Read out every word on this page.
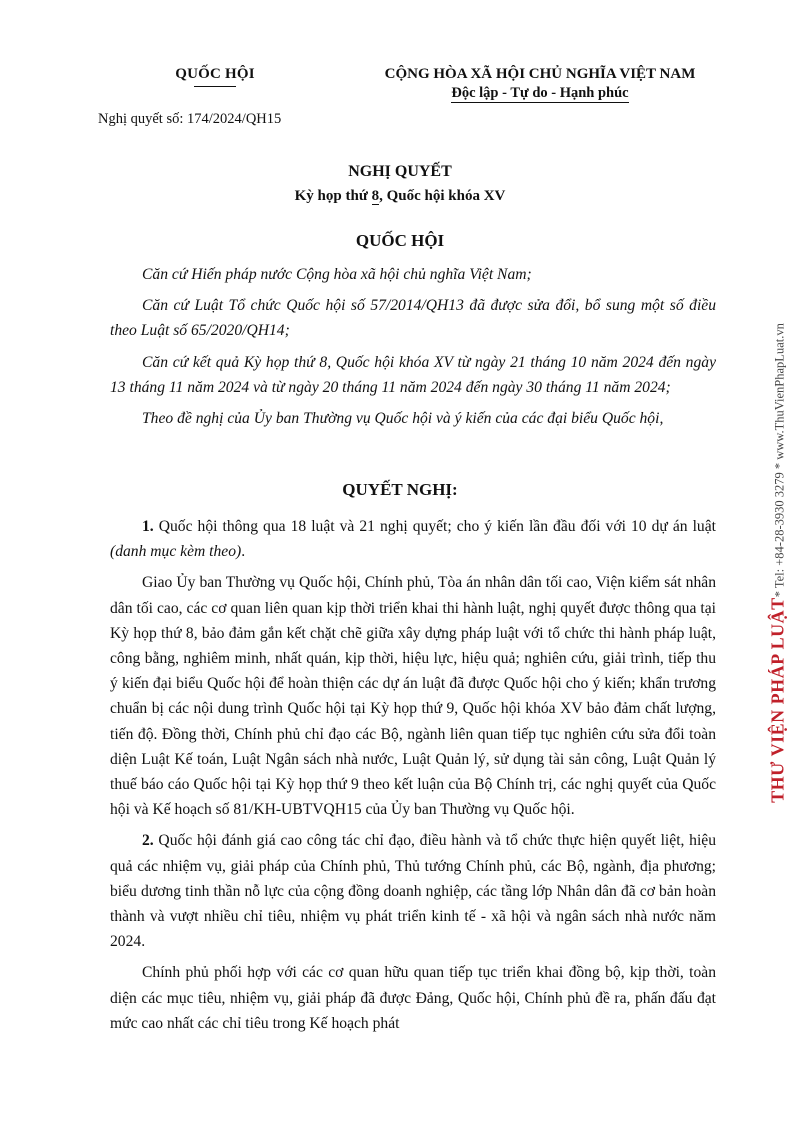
QUỐC HỘI	CỘNG HÒA XÃ HỘI CHỦ NGHĨA VIỆT NAM
Độc lập - Tự do - Hạnh phúc
Nghị quyết số: 174/2024/QH15
NGHỊ QUYẾT
Kỳ họp thứ 8, Quốc hội khóa XV
QUỐC HỘI

Căn cứ Hiến pháp nước Cộng hòa xã hội chủ nghĩa Việt Nam;

Căn cứ Luật Tổ chức Quốc hội số 57/2014/QH13 đã được sửa đổi, bổ sung một số điều theo Luật số 65/2020/QH14;

Căn cứ kết quả Kỳ họp thứ 8, Quốc hội khóa XV từ ngày 21 tháng 10 năm 2024 đến ngày 13 tháng 11 năm 2024 và từ ngày 20 tháng 11 năm 2024 đến ngày 30 tháng 11 năm 2024;

Theo đề nghị của Ủy ban Thường vụ Quốc hội và ý kiến của các đại biểu Quốc hội,

QUYẾT NGHỊ:

1. Quốc hội thông qua 18 luật và 21 nghị quyết; cho ý kiến lần đầu đối với 10 dự án luật (danh mục kèm theo).

Giao Ủy ban Thường vụ Quốc hội, Chính phủ, Tòa án nhân dân tối cao, Viện kiểm sát nhân dân tối cao, các cơ quan liên quan kịp thời triển khai thi hành luật, nghị quyết được thông qua tại Kỳ họp thứ 8, bảo đảm gắn kết chặt chẽ giữa xây dựng pháp luật với tổ chức thi hành pháp luật, công bằng, nghiêm minh, nhất quán, kịp thời, hiệu lực, hiệu quả; nghiên cứu, giải trình, tiếp thu ý kiến đại biểu Quốc hội để hoàn thiện các dự án luật đã được Quốc hội cho ý kiến; khẩn trương chuẩn bị các nội dung trình Quốc hội tại Kỳ họp thứ 9, Quốc hội khóa XV bảo đảm chất lượng, tiến độ. Đồng thời, Chính phủ chỉ đạo các Bộ, ngành liên quan tiếp tục nghiên cứu sửa đổi toàn diện Luật Kế toán, Luật Ngân sách nhà nước, Luật Quản lý, sử dụng tài sản công, Luật Quản lý thuế báo cáo Quốc hội tại Kỳ họp thứ 9 theo kết luận của Bộ Chính trị, các nghị quyết của Quốc hội và Kế hoạch số 81/KH-UBTVQH15 của Ủy ban Thường vụ Quốc hội.

2. Quốc hội đánh giá cao công tác chỉ đạo, điều hành và tổ chức thực hiện quyết liệt, hiệu quả các nhiệm vụ, giải pháp của Chính phủ, Thủ tướng Chính phủ, các Bộ, ngành, địa phương; biểu dương tinh thần nỗ lực của cộng đồng doanh nghiệp, các tầng lớp Nhân dân đã cơ bản hoàn thành và vượt nhiều chỉ tiêu, nhiệm vụ phát triển kinh tế - xã hội và ngân sách nhà nước năm 2024.

Chính phủ phối hợp với các cơ quan hữu quan tiếp tục triển khai đồng bộ, kịp thời, toàn diện các mục tiêu, nhiệm vụ, giải pháp đã được Đảng, Quốc hội, Chính phủ đề ra, phấn đấu đạt mức cao nhất các chỉ tiêu trong Kế hoạch phát

THƯ VIỆN PHÁP LUẬT* Tel: +84-28-3930 3279 * www.ThuVienPhapLuat.vn
